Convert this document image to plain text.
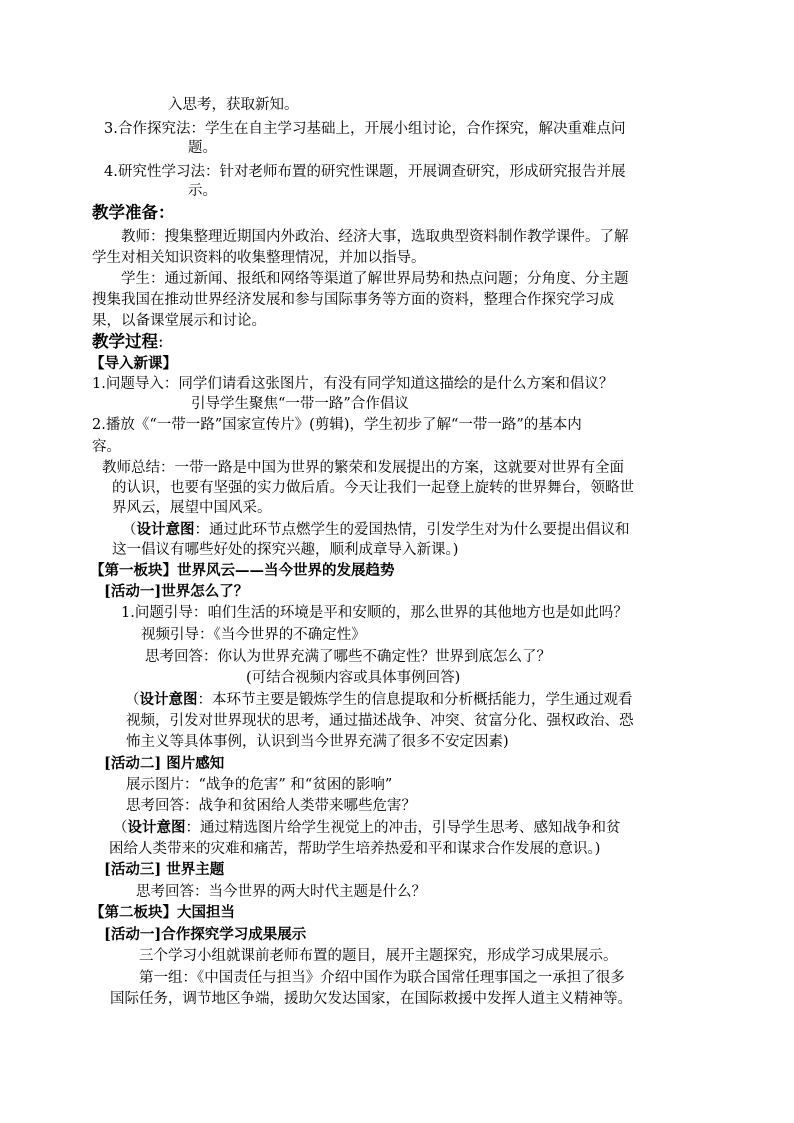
入思考，获取新知。
3. 合作探究法：学生在自主学习基础上，开展小组讨论，合作探究，解决重难点问
题。
4. 研究性学习法：针对老师布置的研究性课题，开展调查研究，形成研究报告并展
示。
教学准备：
教师：搜集整理近期国内外政治、经济大事，选取典型资料制作教学课件。了解
学生对相关知识资料的收集整理情况，并加以指导。
学生：通过新闻、报纸和网络等渠道了解世界局势和热点问题；分角度、分主题
搜集我国在推动世界经济发展和参与国际事务等方面的资料，整理合作探究学习成
果，以备课堂展示和讨论。
教学过程:
【导入新课】
1.问题导入：同学们请看这张图片，有没有同学知道这描绘的是什么方案和倡议？
引导学生聚焦“一带一路”合作倡议
2.播放《“一带一路”国家宣传片》(剪辑)，学生初步了解“一带一路”的基本内
容。
教师总结：一带一路是中国为世界的繁荣和发展提出的方案，这就要对世界有全面
的认识，也要有坚强的实力做后盾。今天让我们一起登上旋转的世界舞台，领略世
界风云，展望中国风采。
（设计意图：通过此环节点燃学生的爱国热情，引发学生对为什么要提出倡议和
这一倡议有哪些好处的探究兴趣，顺利成章导入新课。)
【第一板块】世界风云——当今世界的发展趋势
[活动一]世界怎么了？
1.问题引导：咱们生活的环境是平和安顺的，那么世界的其他地方也是如此吗？
视频引导：《当今世界的不确定性》
思考回答：你认为世界充满了哪些不确定性？世界到底怎么了？
(可结合视频内容或具体事例回答)
（设计意图：本环节主要是锻炼学生的信息提取和分析概括能力，学生通过观看
视频，引发对世界现状的思考，通过描述战争、冲突、贫富分化、强权政治、恐
怖主义等具体事例，认识到当今世界充满了很多不安定因素)
[活动二] 图片感知
展示图片：“战争的危害” 和“贫困的影响”
思考回答：战争和贫困给人类带来哪些危害？
（设计意图：通过精选图片给学生视觉上的冲击，引导学生思考、感知战争和贫
困给人类带来的灾难和痛苦，帮助学生培养热爱和平和谋求合作发展的意识。)
[活动三] 世界主题
思考回答：当今世界的两大时代主题是什么？
【第二板块】大国担当
[活动一]合作探究学习成果展示
三个学习小组就课前老师布置的题目，展开主题探究，形成学习成果展示。
第一组：《中国责任与担当》介绍中国作为联合国常任理事国之一承担了很多
国际任务，调节地区争端，援助欠发达国家，在国际救援中发挥人道主义精神等。
